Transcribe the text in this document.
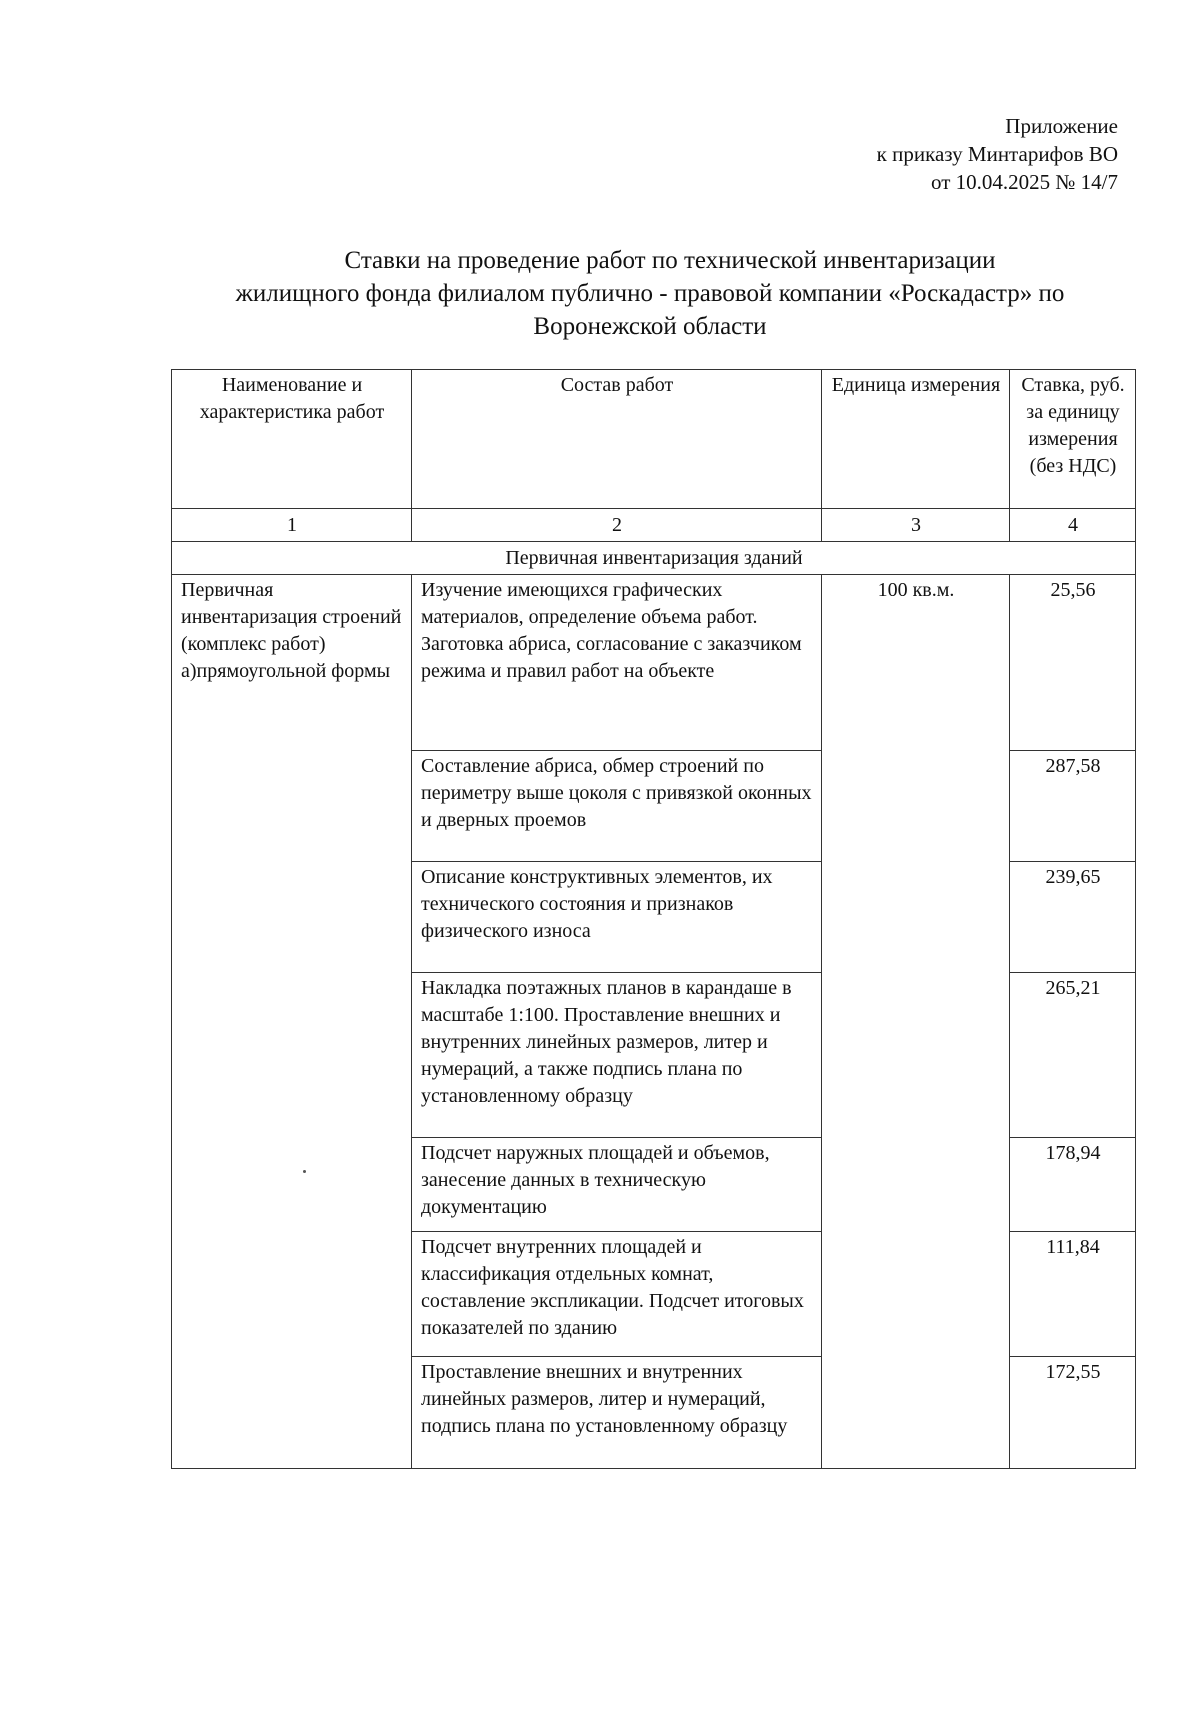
Приложение
к приказу Минтарифов ВО
от 10.04.2025 № 14/7
Ставки на проведение работ по технической инвентаризации
жилищного фонда филиалом публично - правовой компании «Роскадастр» по
Воронежской области
Наименование и характеристика работ	Состав работ	Единица измерения	Ставка, руб. за единицу измерения (без НДС)
1	2	3	4
Первичная инвентаризация зданий			
Первичная инвентаризация строений (комплекс работ) а)прямоугольной формы	Изучение имеющихся графических материалов, определение объема работ. Заготовка абриса, согласование с заказчиком режима и правил работ на объекте	100 кв.м.	25,56
	Составление абриса, обмер строений по периметру выше цоколя с привязкой оконных и дверных проемов		287,58
	Описание конструктивных элементов, их технического состояния и признаков физического износа		239,65
	Накладка поэтажных планов в карандаше в масштабе 1:100. Проставление внешних и внутренних линейных размеров, литер и нумераций, а также подпись плана по установленному образцу		265,21
	Подсчет наружных площадей и объемов, занесение данных в техническую документацию		178,94
	Подсчет внутренних площадей и классификация отдельных комнат, составление экспликации. Подсчет итоговых показателей по зданию		111,84
	Проставление внешних и внутренних линейных размеров, литер и нумераций, подпись плана по установленному образцу		172,55
